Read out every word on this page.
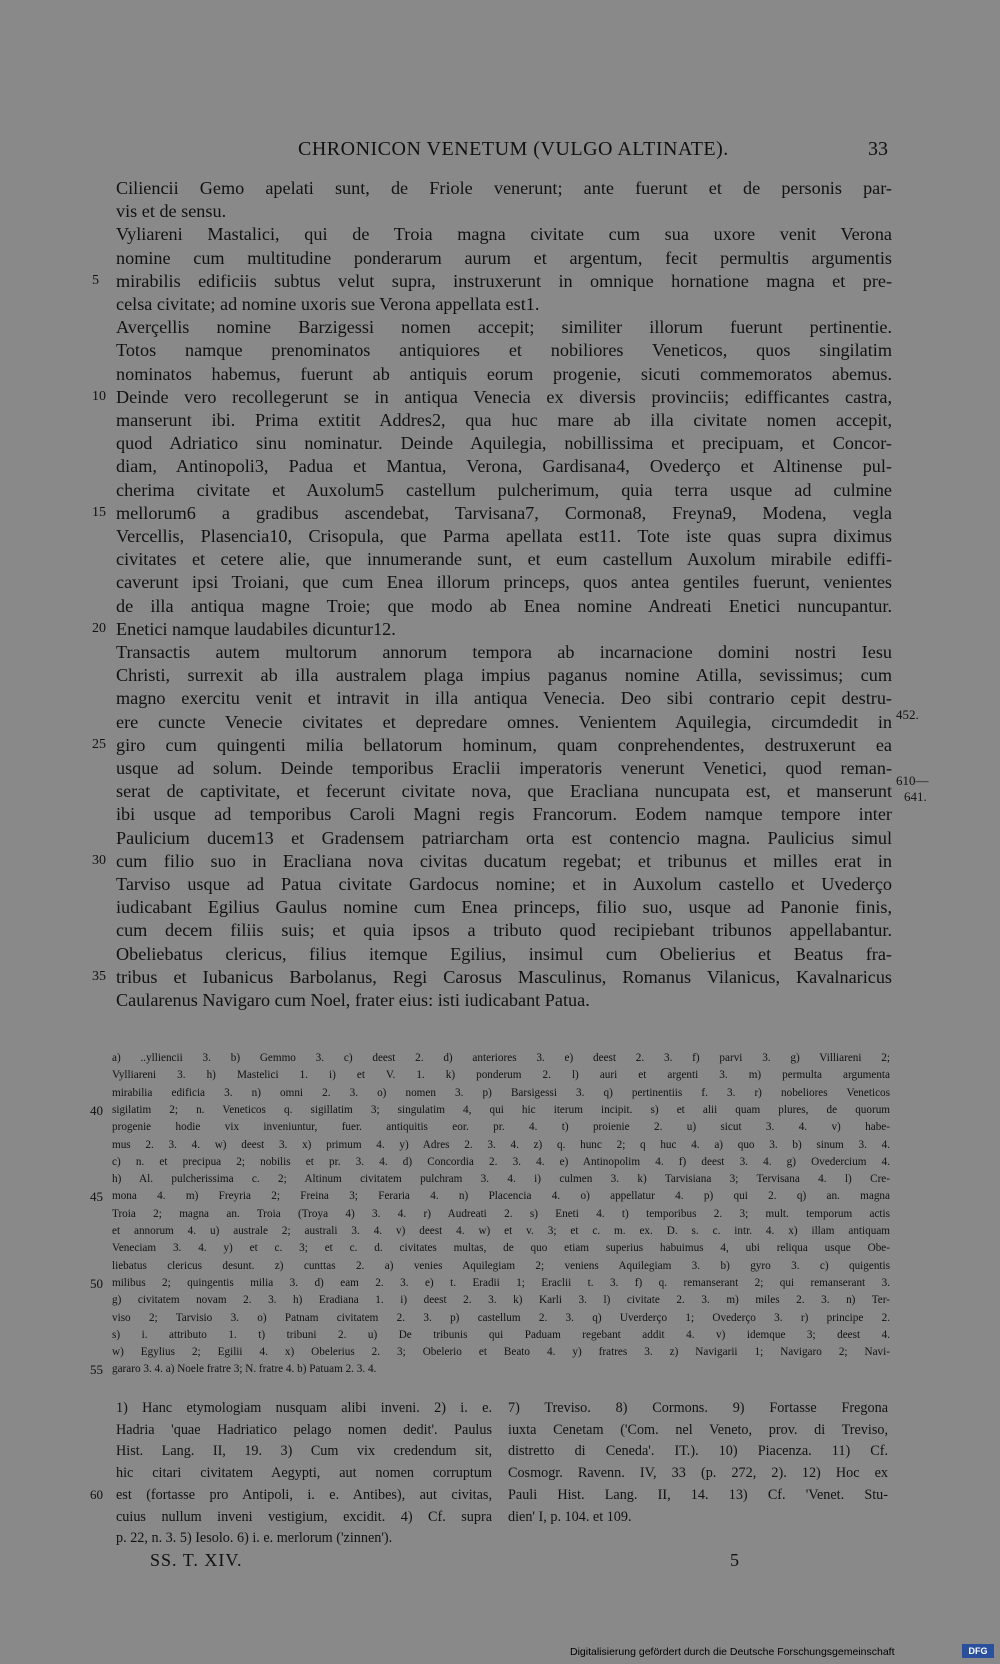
CHRONICON VENETUM (VULGO ALTINATE).	33
Ciliencii Gemo apelati sunt, de Friole venerunt; ante fuerunt et de personis par-
vis et de sensu.
Vyliareni Mastalici, qui de Troia magna civitate cum sua uxore venit Verona
nomine cum multitudine ponderarum aurum et argentum, fecit permultis argumentis
mirabilis edificiis subtus velut supra, instruxerunt in omnique hornatione magna et pre-
5
celsa civitate; ad nomine uxoris sue Verona appellata est1.
Averçellis nomine Barzigessi nomen accepit; similiter illorum fuerunt pertinentie.
Totos namque prenominatos antiquiores et nobiliores Veneticos, quos singilatim
nominatos habemus, fuerunt ab antiquis eorum progenie, sicuti commemoratos abemus.
Deinde vero recollegerunt se in antiqua Venecia ex diversis provinciis; edifficantes castra,
10
manserunt ibi. Prima extitit Addres2, qua huc mare ab illa civitate nomen accepit,
quod Adriatico sinu nominatur. Deinde Aquilegia, nobillissima et precipuam, et Concor-
diam, Antinopoli3, Padua et Mantua, Verona, Gardisana4, Ovederço et Altinense pul-
cherima civitate et Auxolum5 castellum pulcherimum, quia terra usque ad culmine
mellorum6 a gradibus ascendebat, Tarvisana7, Cormona8, Freyna9, Modena, vegla
15
Vercellis, Plasencia10, Crisopula, que Parma apellata est11. Tote iste quas supra diximus
civitates et cetere alie, que innumerande sunt, et eum castellum Auxolum mirabile ediffi-
caverunt ipsi Troiani, que cum Enea illorum princeps, quos antea gentiles fuerunt, venientes
de illa antiqua magne Troie; que modo ab Enea nomine Andreati Enetici nuncupantur.
Enetici namque laudabiles dicuntur12.
20
Transactis autem multorum annorum tempora ab incarnacione domini nostri Iesu
Christi, surrexit ab illa australem plaga impius paganus nomine Atilla, sevissimus; cum
magno exercitu venit et intravit in illa antiqua Venecia. Deo sibi contrario cepit destru-
ere cuncte Venecie civitates et depredare omnes. Venientem Aquilegia, circumdedit in
giro cum quingenti milia bellatorum hominum, quam conprehendentes, destruxerunt ea
25
usque ad solum. Deinde temporibus Eraclii imperatoris venerunt Venetici, quod reman-
serat de captivitate, et fecerunt civitate nova, que Eracliana nuncupata est, et manserunt
ibi usque ad temporibus Caroli Magni regis Francorum. Eodem namque tempore inter
Paulicium ducem13 et Gradensem patriarcham orta est contencio magna. Paulicius simul
cum filio suo in Eracliana nova civitas ducatum regebat; et tribunus et milles erat in
30
Tarviso usque ad Patua civitate Gardocus nomine; et in Auxolum castello et Uvederço
iudicabant Egilius Gaulus nomine cum Enea princeps, filio suo, usque ad Panonie finis,
cum decem filiis suis; et quia ipsos a tributo quod recipiebant tribunos appellabantur.
Obeliebatus clericus, filius itemque Egilius, insimul cum Obelierius et Beatus fra-
tribus et Iubanicus Barbolanus, Regi Carosus Masculinus, Romanus Vilanicus, Kavalnaricus
35
Caularenus Navigaro cum Noel, frater eius: isti iudicabant Patua.
452.
610—
641.
a) ..ylliencii 3. b) Gemmo 3. c) deest 2. d) anteriores 3. e) deest 2. 3. f) parvi 3. g) Villiareni 2;
Vylliareni 3. h) Mastelici 1. i) et V. 1. k) ponderum 2. l) auri et argenti 3. m) permulta argumenta
mirabilia edificia 3. n) omni 2. 3. o) nomen 3. p) Barsigessi 3. q) pertinentiis f. 3. r) nobeliores Veneticos
sigilatim 2; n. Veneticos q. sigillatim 3; singulatim 4, qui hic iterum incipit. s) et alii quam plures, de quorum
40
progenie hodie vix inveniuntur, fuer. antiquitis eor. pr. 4. t) proienie 2. u) sicut 3. 4. v) habe-
mus 2. 3. 4. w) deest 3. x) primum 4. y) Adres 2. 3. 4. z) q. hunc 2; q huc 4. a) quo 3. b) sinum 3. 4.
c) n. et precipua 2; nobilis et pr. 3. 4. d) Concordia 2. 3. 4. e) Antinopolim 4. f) deest 3. 4. g) Ovedercium 4.
h) Al. pulcherissima c. 2; Altinum civitatem pulchram 3. 4. i) culmen 3. k) Tarvisiana 3; Tervisana 4. l) Cre-
mona 4. m) Freyria 2; Freina 3; Feraria 4. n) Placencia 4. o) appellatur 4. p) qui 2. q) an. magna
45
Troia 2; magna an. Troia (Troya 4) 3. 4. r) Audreati 2. s) Eneti 4. t) temporibus 2. 3; mult. temporum actis
et annorum 4. u) australe 2; australi 3. 4. v) deest 4. w) et v. 3; et c. m. ex. D. s. c. intr. 4. x) illam antiquam
Veneciam 3. 4. y) et c. 3; et c. d. civitates multas, de quo etiam superius habuimus 4, ubi reliqua usque Obe-
liebatus clericus desunt. z) cunttas 2. a) venies Aquilegiam 2; veniens Aquilegiam 3. b) gyro 3. c) quigentis
milibus 2; quingentis milia 3. d) eam 2. 3. e) t. Eradii 1; Eraclii t. 3. f) q. remanserant 2; qui remanserant 3.
50
g) civitatem novam 2. 3. h) Eradiana 1. i) deest 2. 3. k) Karli 3. l) civitate 2. 3. m) miles 2. 3. n) Ter-
viso 2; Tarvisio 3. o) Patnam civitatem 2. 3. p) castellum 2. 3. q) Uverderço 1; Ovederço 3. r) principe 2.
s) i. attributo 1. t) tribuni 2. u) De tribunis qui Paduam regebant addit 4. v) idemque 3; deest 4.
w) Egylius 2; Egilii 4. x) Obelerius 2. 3; Obelerio et Beato 4. y) fratres 3. z) Navigarii 1; Navigaro 2; Navi-
gararo 3. 4. a) Noele fratre 3; N. fratre 4. b) Patuam 2. 3. 4.
55
1) Hanc etymologiam nusquam alibi inveni. 2) i. e.
Hadria 'quae Hadriatico pelago nomen dedit'. Paulus
Hist. Lang. II, 19. 3) Cum vix credendum sit,
hic citari civitatem Aegypti, aut nomen corruptum
est (fortasse pro Antipoli, i. e. Antibes), aut civitas,
60
cuius nullum inveni vestigium, excidit. 4) Cf. supra
p. 22, n. 3. 5) Iesolo. 6) i. e. merlorum ('zinnen').
7) Treviso. 8) Cormons. 9) Fortasse Fregona
iuxta Cenetam ('Com. nel Veneto, prov. di Treviso,
distretto di Ceneda'. IT.). 10) Piacenza. 11) Cf.
Cosmogr. Ravenn. IV, 33 (p. 272, 2). 12) Hoc ex
Pauli Hist. Lang. II, 14. 13) Cf. 'Venet. Stu-
dien' I, p. 104. et 109.
SS. T. XIV.	5
Digitalisierung gefördert durch die Deutsche Forschungsgemeinschaft	DFG
